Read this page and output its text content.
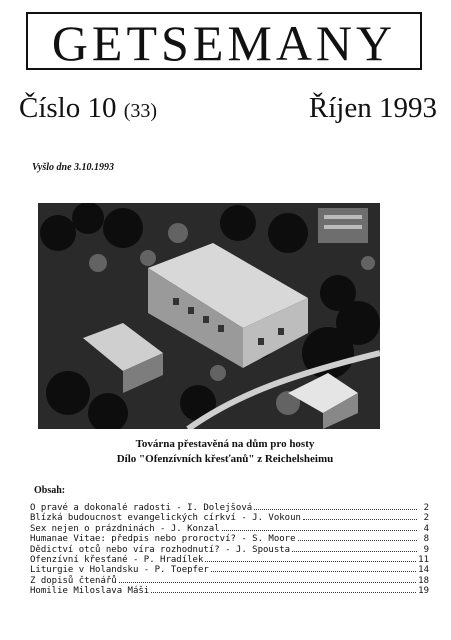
GETSEMANY
Číslo 10 (33)	Říjen 1993
Vyšlo dne 3.10.1993
Továrna přestavěná na dům pro hosty
Dílo "Ofenzívních křesťanů" z Reichelsheimu
Obsah:
O pravé a dokonalé radosti - I. Dolejšová	2
Blízká budoucnost evangelických církví - J. Vokoun	2
Sex nejen o prázdninách - J. Konzal	4
Humanae Vitae: předpis nebo proroctví? - S. Moore	8
Dědictví otců nebo víra rozhodnutí? - J. Spousta	9
Ofenzívní křesťané - P. Hradílek	11
Liturgie v Holandsku - P. Toepfer	14
Z dopisů čtenářů	18
Homilie Miloslava Máši	19
